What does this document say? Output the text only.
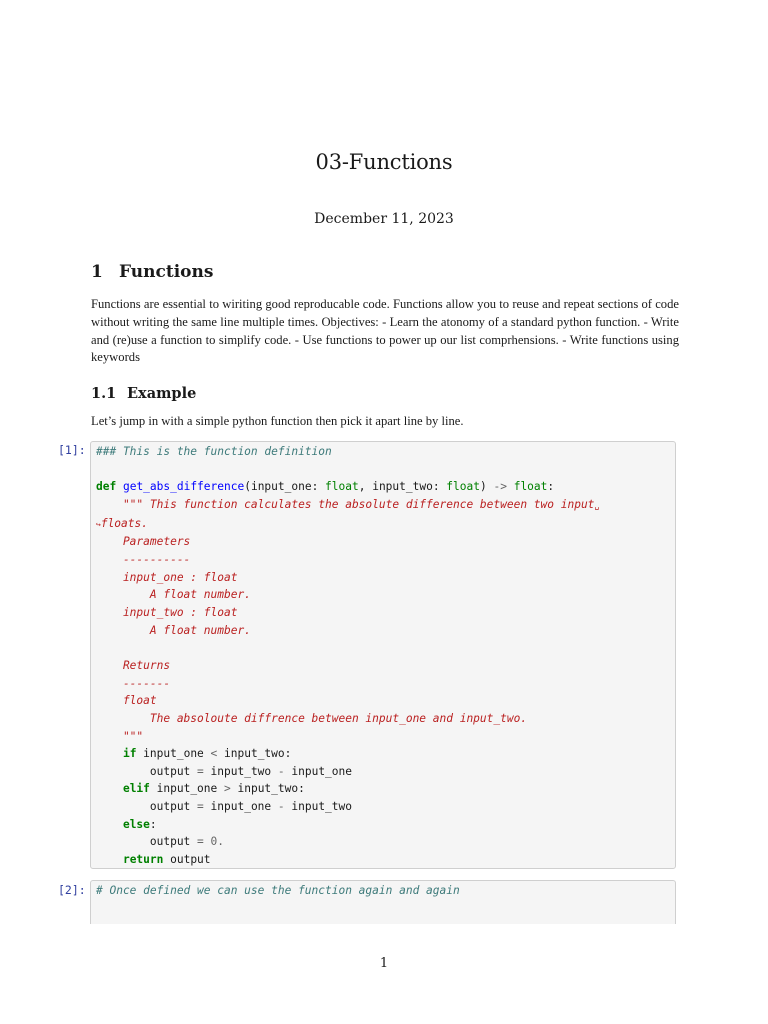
03-Functions
December 11, 2023
1 Functions
Functions are essential to wiriting good reproducable code. Functions allow you to reuse and repeat sections of code without writing the same line multiple times. Objectives: - Learn the atonomy of a standard python function. - Write and (re)use a function to simplify code. - Use functions to power up our list comprhensions. - Write functions using keywords
1.1 Example
Let’s jump in with a simple python function then pick it apart line by line.
[1]: ### This is the function definition

def get_abs_difference(input_one: float, input_two: float) -> float:
""" This function calculates the absolute difference between two input␣
↪floats.
Parameters
----------
input_one : float
A float number.
input_two : float
A float number.

Returns
-------
float
The absoloute diffrence between input_one and input_two.
"""
if input_one < input_two:
output = input_two - input_one
elif input_one > input_two:
output = input_one - input_two
else:
output = 0.
return output
[2]: # Once defined we can use the function again and again
1
